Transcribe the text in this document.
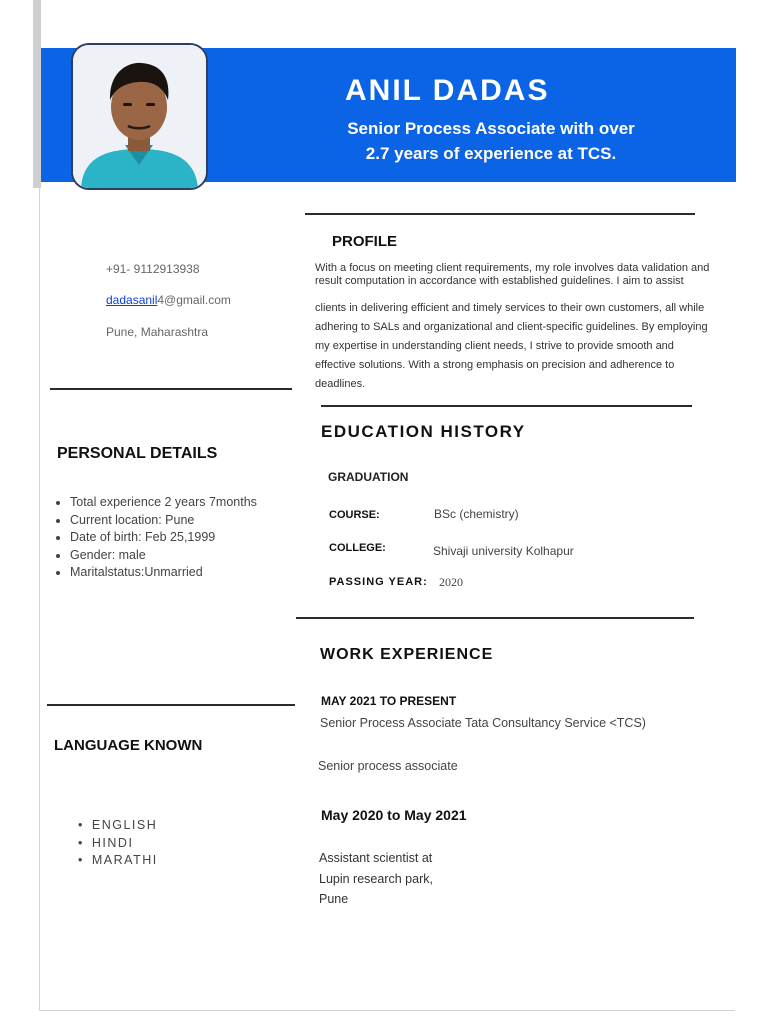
ANIL DADAS
Senior Process Associate with over
2.7 years of experience at TCS.
PROFILE
With a focus on meeting client requirements, my role involves data validation and result computation in accordance with established guidelines. I aim to assist
clients in delivering efficient and timely services to their own customers, all while adhering to SALs and organizational and client-specific guidelines. By employing my expertise in understanding client needs, I strive to provide smooth and effective solutions. With a strong emphasis on precision and adherence to deadlines.
+91- 9112913938
dadasanil4@gmail.com
Pune, Maharashtra
PERSONAL DETAILS
• Total experience 2 years 7months
• Current location: Pune
• Date of birth: Feb 25,1999
• Gender: male
• Maritalstatus:Unmarried
EDUCATION HISTORY
GRADUATION
COURSE:	BSc (chemistry)
COLLEGE:	Shivaji university Kolhapur
PASSING YEAR: 2020
WORK EXPERIENCE
MAY 2021 TO PRESENT
Senior Process Associate Tata Consultancy Service <TCS)
Senior process associate
May 2020 to May 2021
Assistant scientist at
Lupin research park,
Pune
LANGUAGE KNOWN
• ENGLISH
• HINDI
• MARATHI
